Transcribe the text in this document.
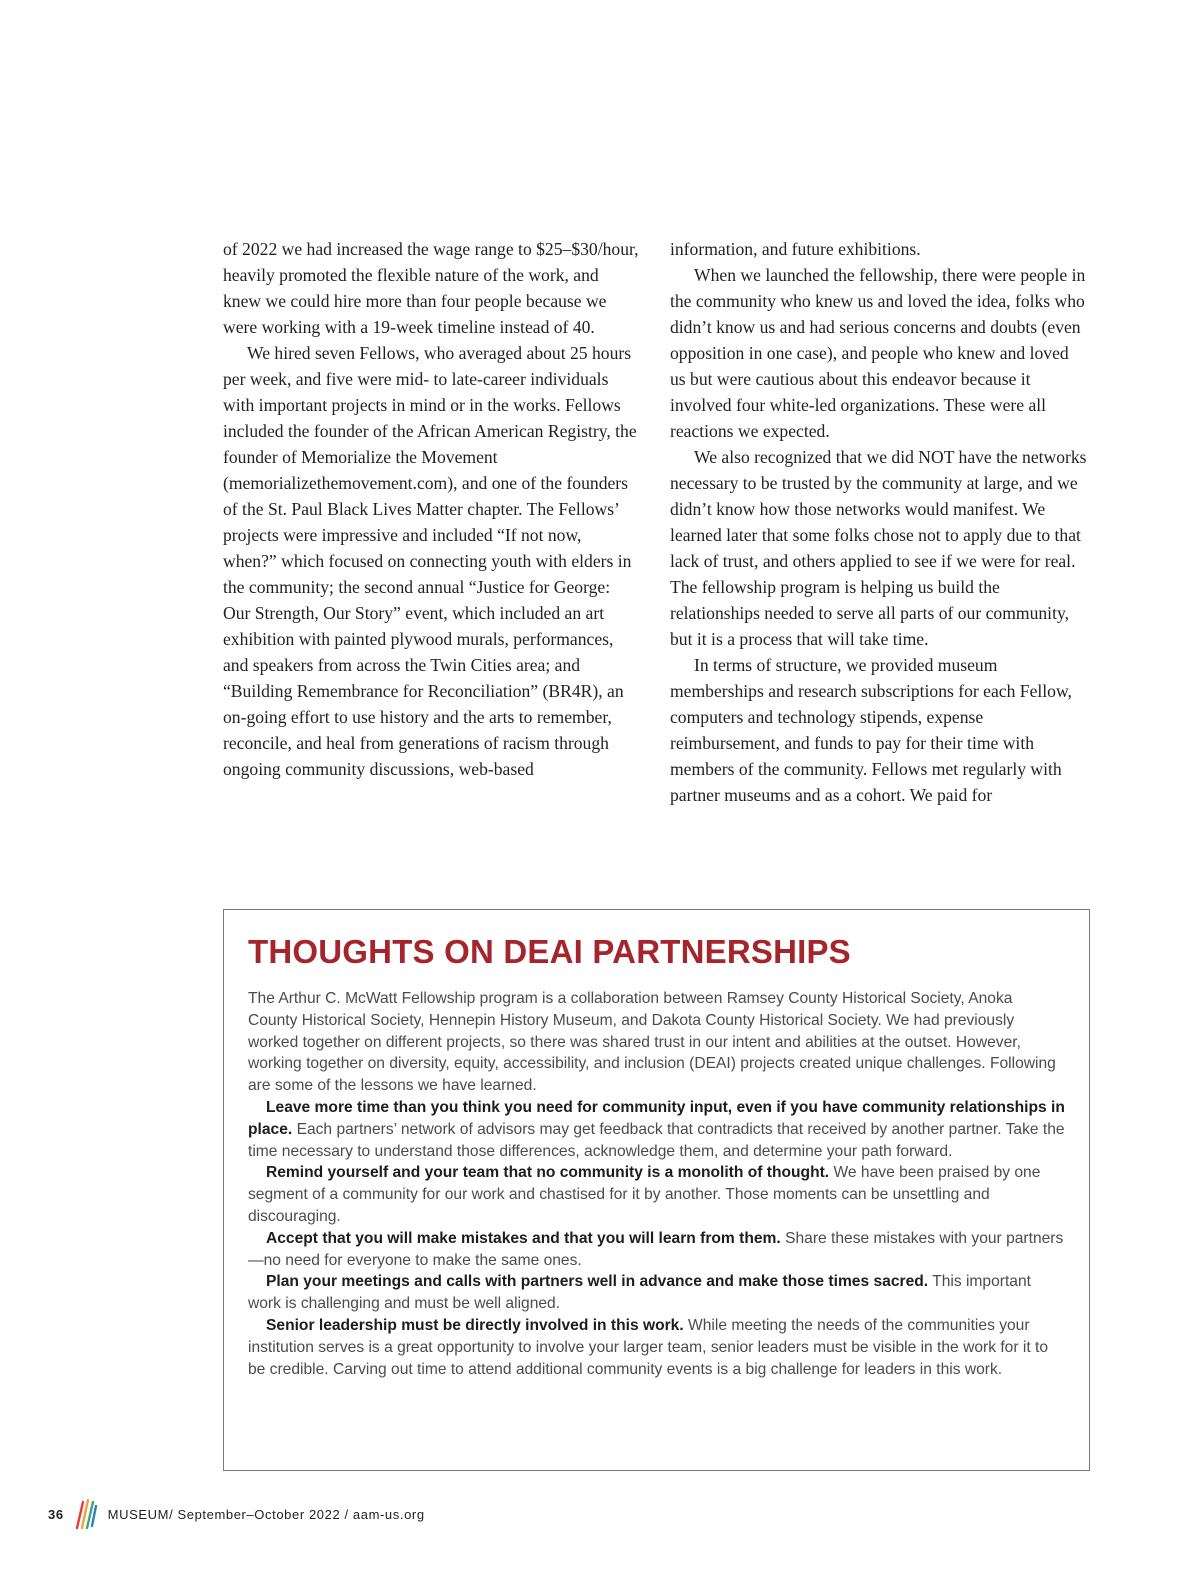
of 2022 we had increased the wage range to $25–$30/hour, heavily promoted the flexible nature of the work, and knew we could hire more than four people because we were working with a 19-week timeline instead of 40.

We hired seven Fellows, who averaged about 25 hours per week, and five were mid- to late-career individuals with important projects in mind or in the works. Fellows included the founder of the African American Registry, the founder of Memorialize the Movement (memorializethemovement.com), and one of the founders of the St. Paul Black Lives Matter chapter. The Fellows’ projects were impressive and included “If not now, when?” which focused on connecting youth with elders in the community; the second annual “Justice for George: Our Strength, Our Story” event, which included an art exhibition with painted plywood murals, performances, and speakers from across the Twin Cities area; and “Building Remembrance for Reconciliation” (BR4R), an on-going effort to use history and the arts to remember, reconcile, and heal from generations of racism through ongoing community discussions, web-based

information, and future exhibitions.

When we launched the fellowship, there were people in the community who knew us and loved the idea, folks who didn’t know us and had serious concerns and doubts (even opposition in one case), and people who knew and loved us but were cautious about this endeavor because it involved four white-led organizations. These were all reactions we expected.

We also recognized that we did NOT have the networks necessary to be trusted by the community at large, and we didn’t know how those networks would manifest. We learned later that some folks chose not to apply due to that lack of trust, and others applied to see if we were for real. The fellowship program is helping us build the relationships needed to serve all parts of our community, but it is a process that will take time.

In terms of structure, we provided museum memberships and research subscriptions for each Fellow, computers and technology stipends, expense reimbursement, and funds to pay for their time with members of the community. Fellows met regularly with partner museums and as a cohort. We paid for

THOUGHTS ON DEAI PARTNERSHIPS

The Arthur C. McWatt Fellowship program is a collaboration between Ramsey County Historical Society, Anoka County Historical Society, Hennepin History Museum, and Dakota County Historical Society. We had previously worked together on different projects, so there was shared trust in our intent and abilities at the outset. However, working together on diversity, equity, accessibility, and inclusion (DEAI) projects created unique challenges. Following are some of the lessons we have learned.

Leave more time than you think you need for community input, even if you have community relationships in place. Each partners’ network of advisors may get feedback that contradicts that received by another partner. Take the time necessary to understand those differences, acknowledge them, and determine your path forward.

Remind yourself and your team that no community is a monolith of thought. We have been praised by one segment of a community for our work and chastised for it by another. Those moments can be unsettling and discouraging.

Accept that you will make mistakes and that you will learn from them. Share these mistakes with your partners—no need for everyone to make the same ones.

Plan your meetings and calls with partners well in advance and make those times sacred. This important work is challenging and must be well aligned.

Senior leadership must be directly involved in this work. While meeting the needs of the communities your institution serves is a great opportunity to involve your larger team, senior leaders must be visible in the work for it to be credible. Carving out time to attend additional community events is a big challenge for leaders in this work.

36	MUSEUM / September–October 2022 / aam-us.org
